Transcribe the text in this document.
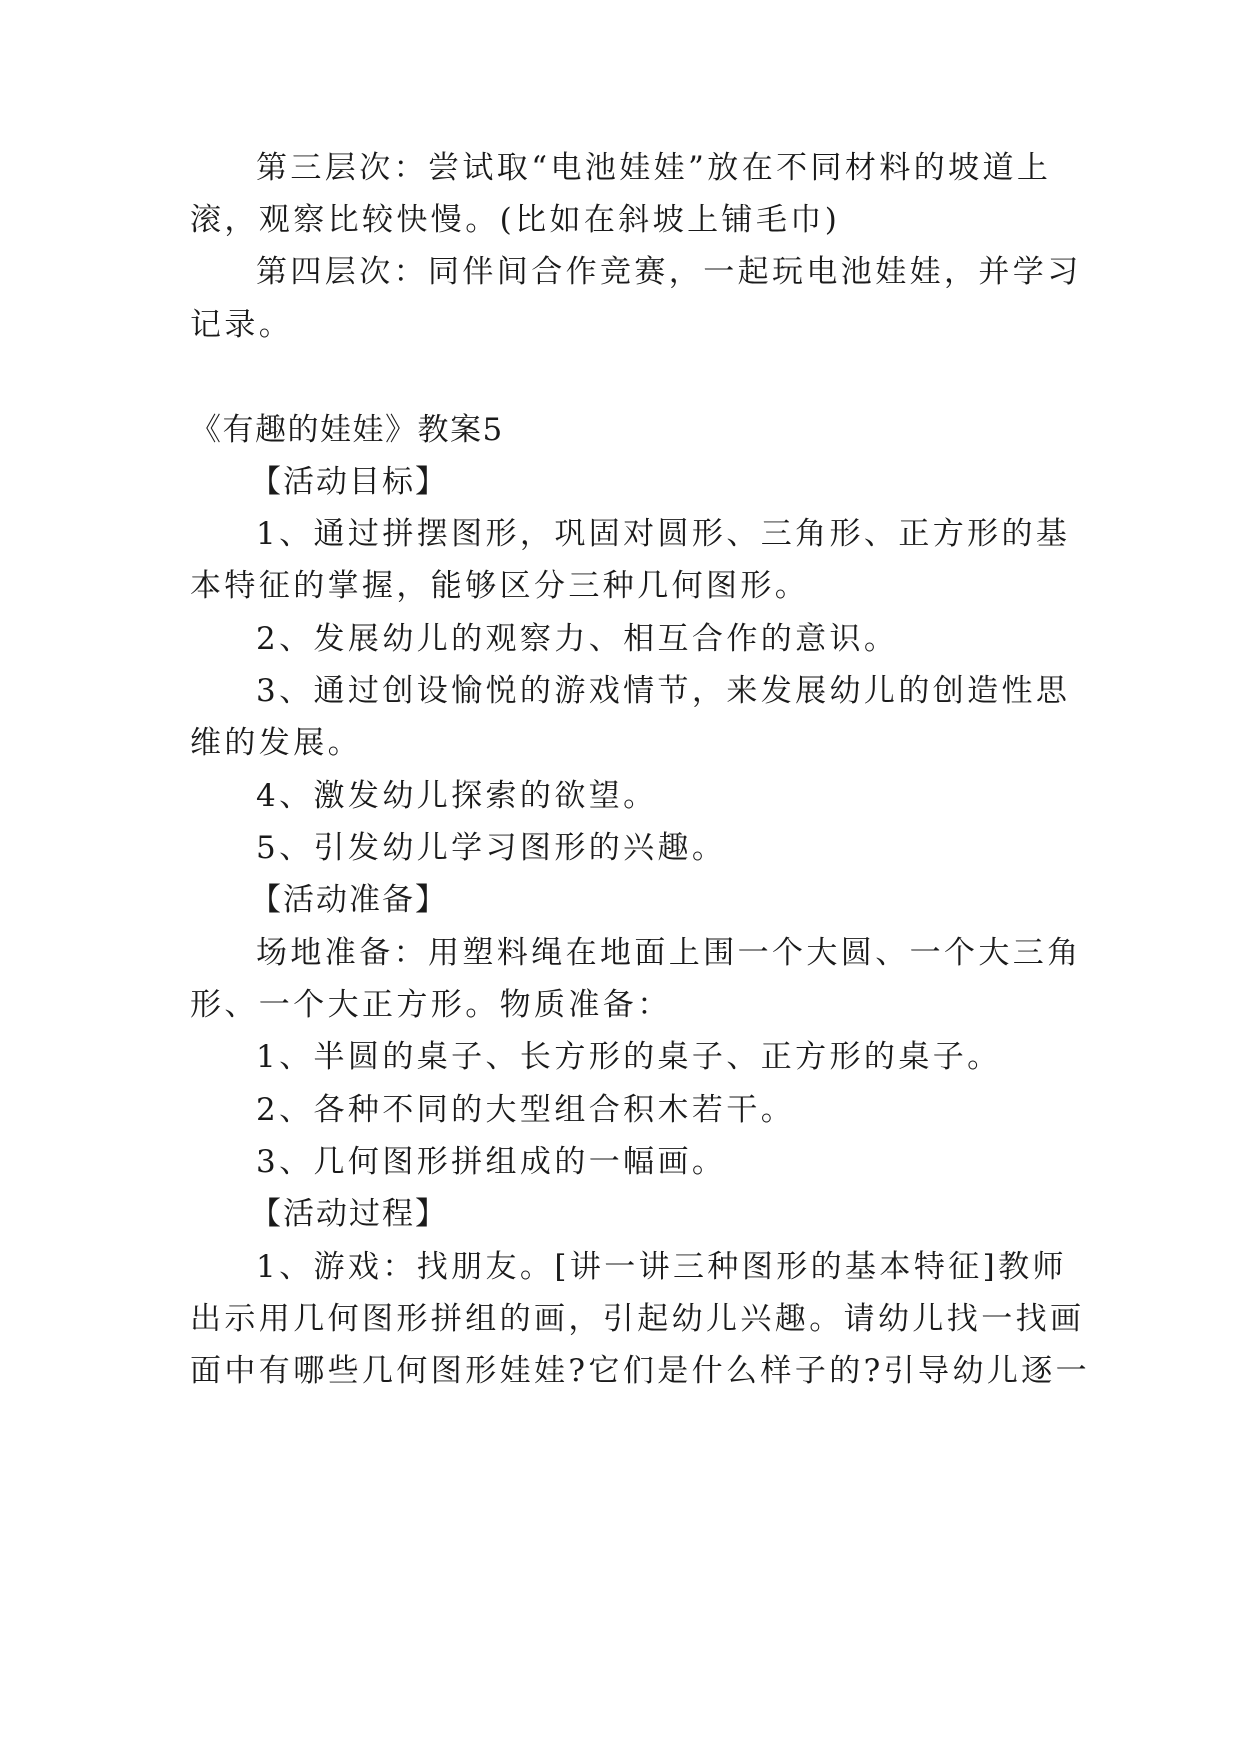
第三层次：尝试取“电池娃娃”放在不同材料的坡道上
滚，观察比较快慢。(比如在斜坡上铺毛巾)
第四层次：同伴间合作竞赛，一起玩电池娃娃，并学习
记录。
《有趣的娃娃》教案5
【活动目标】
1、通过拼摆图形，巩固对圆形、三角形、正方形的基
本特征的掌握，能够区分三种几何图形。
2、发展幼儿的观察力、相互合作的意识。
3、通过创设愉悦的游戏情节，来发展幼儿的创造性思
维的发展。
4、激发幼儿探索的欲望。
5、引发幼儿学习图形的兴趣。
【活动准备】
场地准备：用塑料绳在地面上围一个大圆、一个大三角
形、一个大正方形。物质准备：
1、半圆的桌子、长方形的桌子、正方形的桌子。
2、各种不同的大型组合积木若干。
3、几何图形拼组成的一幅画。
【活动过程】
1、游戏：找朋友。[讲一讲三种图形的基本特征]教师
出示用几何图形拼组的画，引起幼儿兴趣。请幼儿找一找画
面中有哪些几何图形娃娃?它们是什么样子的?引导幼儿逐一
